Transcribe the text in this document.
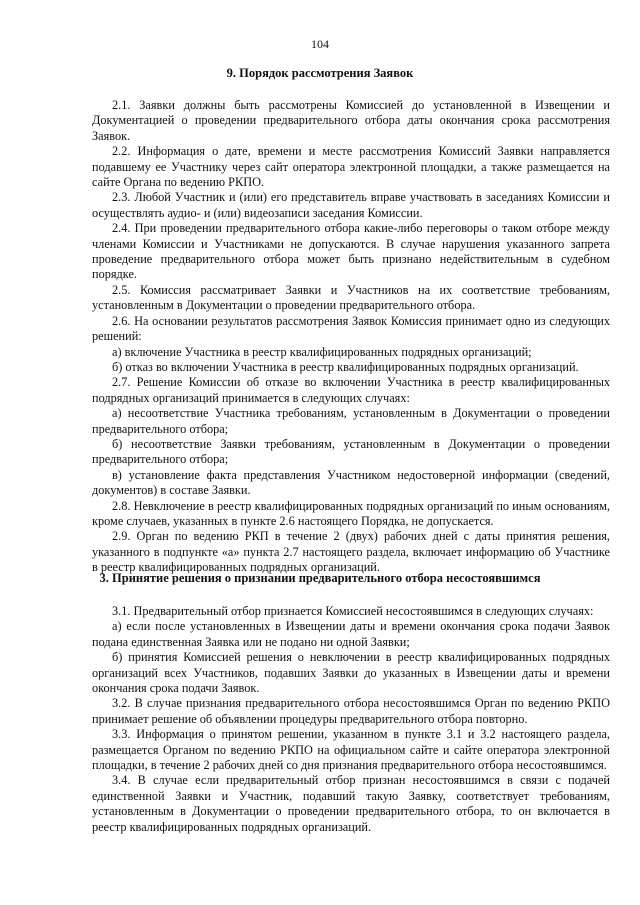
104
9. Порядок рассмотрения Заявок

2.1. Заявки должны быть рассмотрены Комиссией до установленной в Извещении и Документацией о проведении предварительного отбора даты окончания срока рассмотрения Заявок.

2.2. Информация о дате, времени и месте рассмотрения Комиссий Заявки направляется подавшему ее Участнику через сайт оператора электронной площадки, а также размещается на сайте Органа по ведению РКПО.

2.3. Любой Участник и (или) его представитель вправе участвовать в заседаниях Комиссии и осуществлять аудио- и (или) видеозаписи заседания Комиссии.

2.4. При проведении предварительного отбора какие-либо переговоры о таком отборе между членами Комиссии и Участниками не допускаются. В случае нарушения указанного запрета проведение предварительного отбора может быть признано недействительным в судебном порядке.

2.5. Комиссия рассматривает Заявки и Участников на их соответствие требованиям, установленным в Документации о проведении предварительного отбора.

2.6. На основании результатов рассмотрения Заявок Комиссия принимает одно из следующих решений:

а) включение Участника в реестр квалифицированных подрядных организаций;

б) отказ во включении Участника в реестр квалифицированных подрядных организаций.

2.7. Решение Комиссии об отказе во включении Участника в реестр квалифицированных подрядных организаций принимается в следующих случаях:

а) несоответствие Участника требованиям, установленным в Документации о проведении предварительного отбора;

б) несоответствие Заявки требованиям, установленным в Документации о проведении предварительного отбора;

в) установление факта представления Участником недостоверной информации (сведений, документов) в составе Заявки.

2.8. Невключение в реестр квалифицированных подрядных организаций по иным основаниям, кроме случаев, указанных в пункте 2.6 настоящего Порядка, не допускается.

2.9. Орган по ведению РКП в течение 2 (двух) рабочих дней с даты принятия решения, указанного в подпункте «а» пункта 2.7 настоящего раздела, включает информацию об Участнике в реестр квалифицированных подрядных организаций.

3. Принятие решения о признании предварительного отбора несостоявшимся

3.1. Предварительный отбор признается Комиссией несостоявшимся в следующих случаях:

а) если после установленных в Извещении даты и времени окончания срока подачи Заявок подана единственная Заявка или не подано ни одной Заявки;

б) принятия Комиссией решения о невключении в реестр квалифицированных подрядных организаций всех Участников, подавших Заявки до указанных в Извещении даты и времени окончания срока подачи Заявок.

3.2. В случае признания предварительного отбора несостоявшимся Орган по ведению РКПО принимает решение об объявлении процедуры предварительного отбора повторно.

3.3. Информация о принятом решении, указанном в пункте 3.1 и 3.2 настоящего раздела, размещается Органом по ведению РКПО на официальном сайте и сайте оператора электронной площадки, в течение 2 рабочих дней со дня признания предварительного отбора несостоявшимся.

3.4. В случае если предварительный отбор признан несостоявшимся в связи с подачей единственной Заявки и Участник, подавший такую Заявку, соответствует требованиям, установленным в Документации о проведении предварительного отбора, то он включается в реестр квалифицированных подрядных организаций.
